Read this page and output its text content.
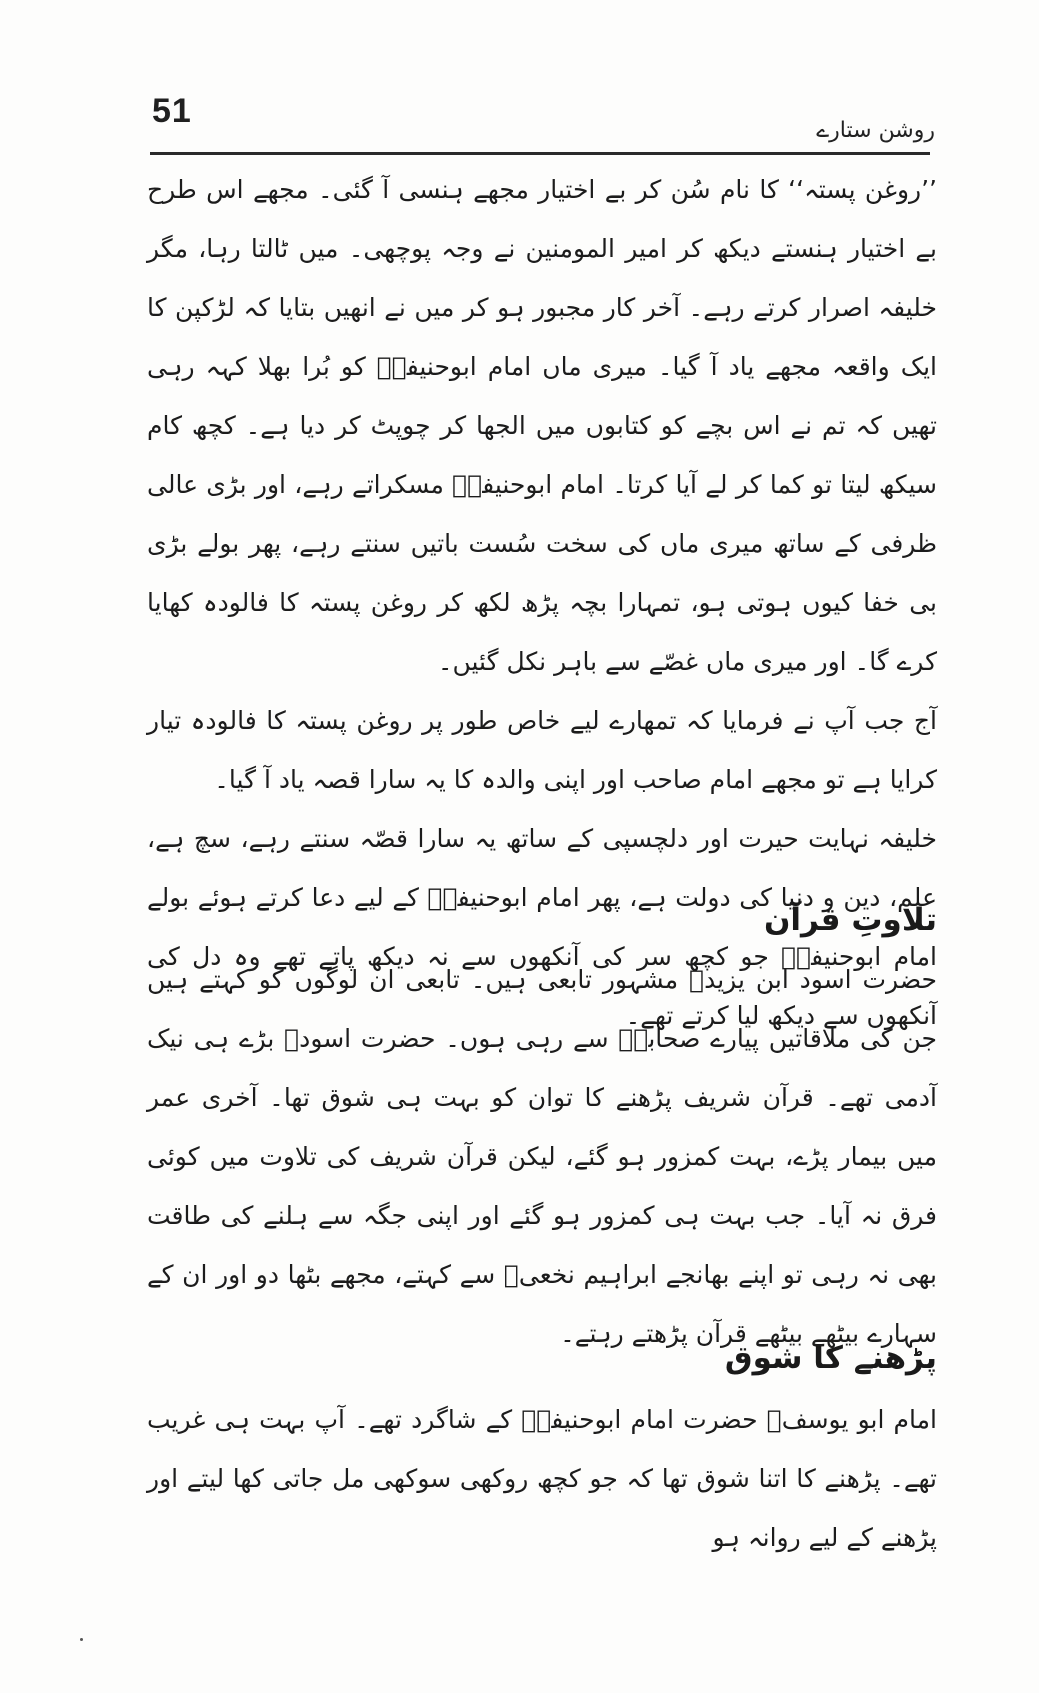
51
روشن ستارے

’’روغن پستہ‘‘ کا نام سُن کر بے اختیار مجھے ہنسی آ گئی۔ مجھے اس طرح بے اختیار ہنستے دیکھ کر امیر المومنین نے وجہ پوچھی۔ میں ٹالتا رہا، مگر خلیفہ اصرار کرتے رہے۔ آخر کار مجبور ہو کر میں نے انھیں بتایا کہ لڑکپن کا ایک واقعہ مجھے یاد آ گیا۔ میری ماں امام ابوحنیفہؒ کو بُرا بھلا کہہ رہی تھیں کہ تم نے اس بچے کو کتابوں میں الجھا کر چوپٹ کر دیا ہے۔ کچھ کام سیکھ لیتا تو کما کر لے آیا کرتا۔ امام ابوحنیفہؒ مسکراتے رہے، اور بڑی عالی ظرفی کے ساتھ میری ماں کی سخت سُست باتیں سنتے رہے، پھر بولے بڑی بی خفا کیوں ہوتی ہو، تمہارا بچہ پڑھ لکھ کر روغن پستہ کا فالودہ کھایا کرے گا۔ اور میری ماں غصّے سے باہر نکل گئیں۔

آج جب آپ نے فرمایا کہ تمھارے لیے خاص طور پر روغن پستہ کا فالودہ تیار کرایا ہے تو مجھے امام صاحب اور اپنی والدہ کا یہ سارا قصہ یاد آ گیا۔

خلیفہ نہایت حیرت اور دلچسپی کے ساتھ یہ سارا قصّہ سنتے رہے، سچ ہے، علم، دین و دنیا کی دولت ہے، پھر امام ابوحنیفہؒ کے لیے دعا کرتے ہوئے بولے امام ابوحنیفہؒ جو کچھ سر کی آنکھوں سے نہ دیکھ پاتے تھے وہ دل کی آنکھوں سے دیکھ لیا کرتے تھے۔

تلاوتِ قرآن

حضرت اسود ابن یزیدؒ مشہور تابعی ہیں۔ تابعی ان لوگوں کو کہتے ہیں جن کی ملاقاتیں پیارے صحابہؓ سے رہی ہوں۔ حضرت اسودؒ بڑے ہی نیک آدمی تھے۔ قرآن شریف پڑھنے کا توان کو بہت ہی شوق تھا۔ آخری عمر میں بیمار پڑے، بہت کمزور ہو گئے، لیکن قرآن شریف کی تلاوت میں کوئی فرق نہ آیا۔ جب بہت ہی کمزور ہو گئے اور اپنی جگہ سے ہلنے کی طاقت بھی نہ رہی تو اپنے بھانجے ابراہیم نخعیؒ سے کہتے، مجھے بٹھا دو اور ان کے سہارے بیٹھے بیٹھے قرآن پڑھتے رہتے۔

پڑھنے کا شوق

امام ابو یوسفؒ حضرت امام ابوحنیفہؒ کے شاگرد تھے۔ آپ بہت ہی غریب تھے۔ پڑھنے کا اتنا شوق تھا کہ جو کچھ روکھی سوکھی مل جاتی کھا لیتے اور پڑھنے کے لیے روانہ ہو
